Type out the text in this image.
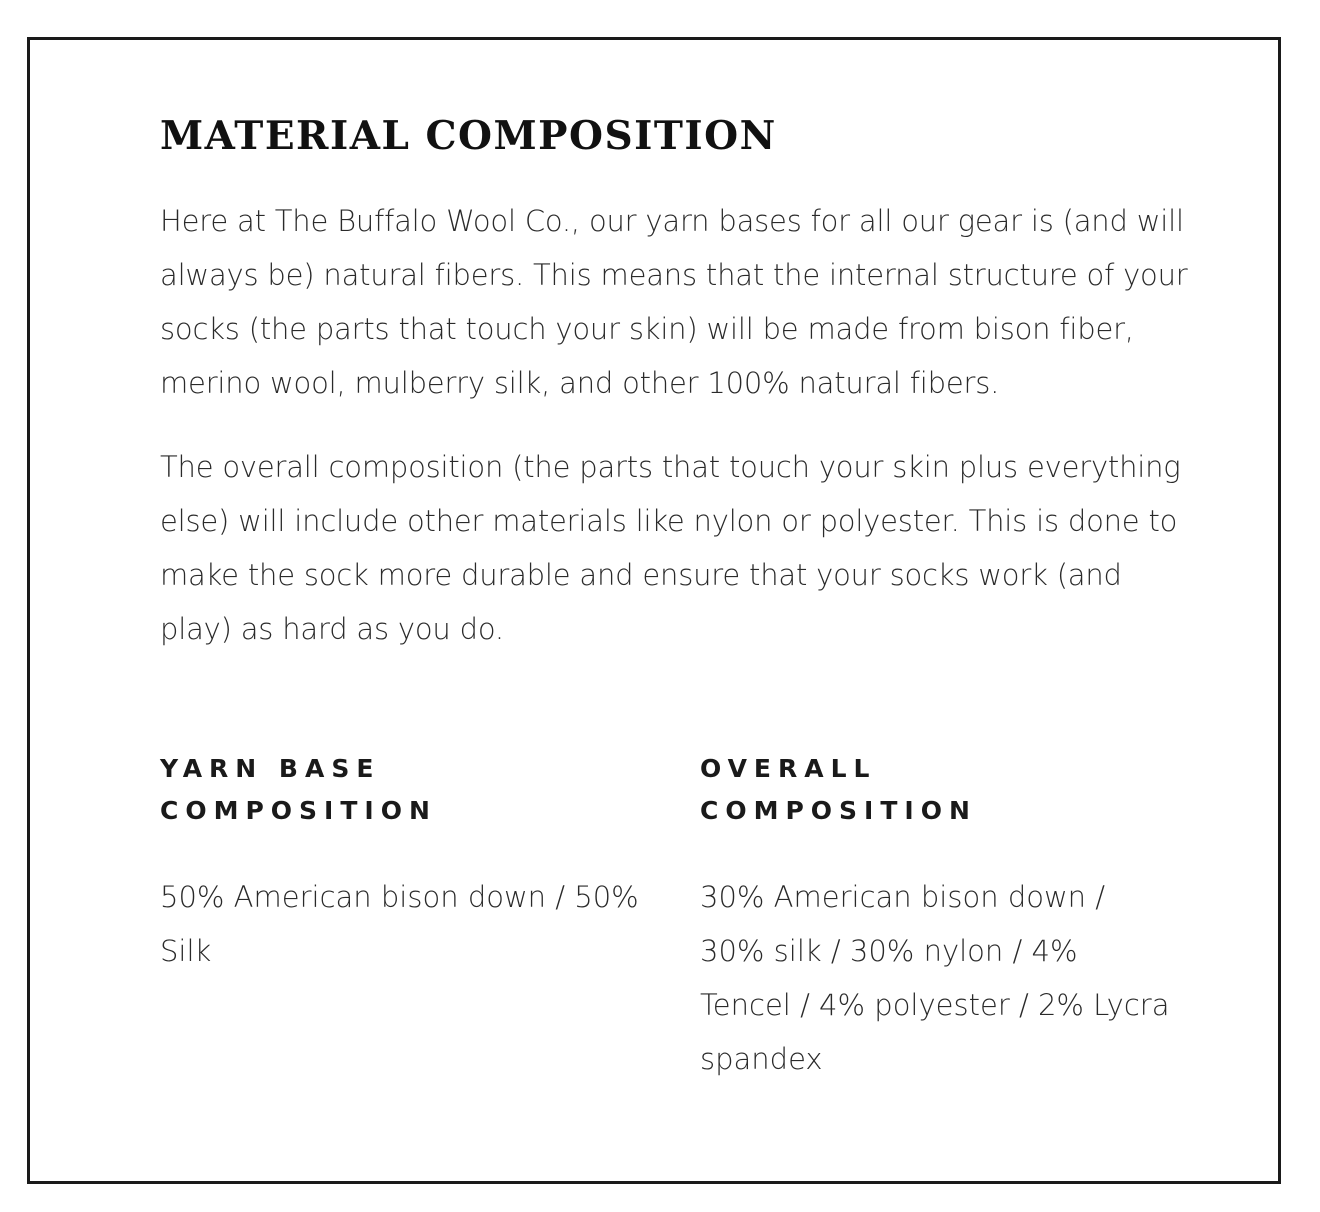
MATERIAL COMPOSITION

Here at The Buffalo Wool Co., our yarn bases for all our gear is (and will always be) natural fibers. This means that the internal structure of your socks (the parts that touch your skin) will be made from bison fiber, merino wool, mulberry silk, and other 100% natural fibers.

The overall composition (the parts that touch your skin plus everything else) will include other materials like nylon or polyester. This is done to make the sock more durable and ensure that your socks work (and play) as hard as you do.

YARN BASE COMPOSITION

50% American bison down / 50% Silk

OVERALL COMPOSITION

30% American bison down / 30% silk / 30% nylon / 4% Tencel / 4% polyester / 2% Lycra spandex
